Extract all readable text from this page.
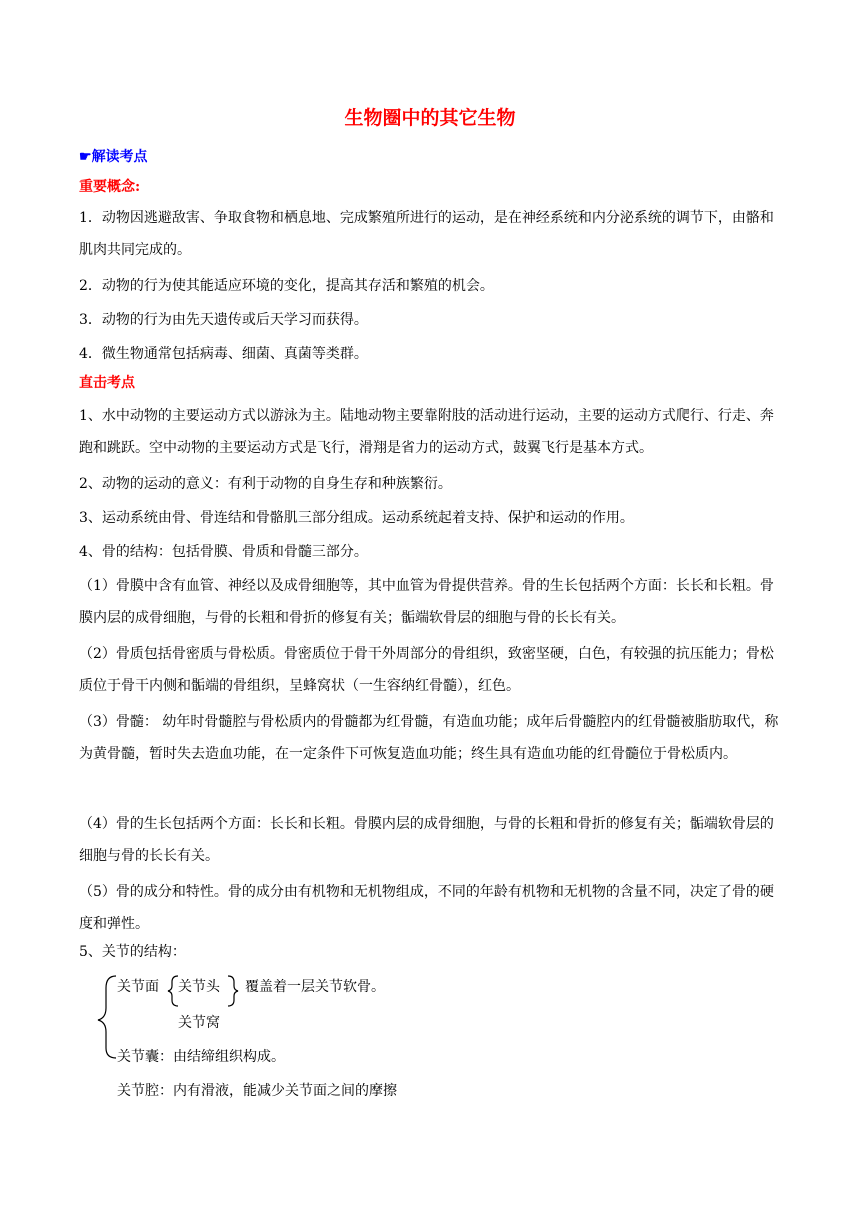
生物圈中的其它生物
☛解读考点
重要概念:

1．动物因逃避敌害、争取食物和栖息地、完成繁殖所进行的运动，是在神经系统和内分泌系统的调节下，由骼和肌肉共同完成的。

2．动物的行为使其能适应环境的变化，提高其存活和繁殖的机会。

3．动物的行为由先天遗传或后天学习而获得。

4．微生物通常包括病毒、细菌、真菌等类群。

直击考点

1、水中动物的主要运动方式以游泳为主。陆地动物主要靠附肢的活动进行运动，主要的运动方式爬行、行走、奔跑和跳跃。空中动物的主要运动方式是飞行，滑翔是省力的运动方式，鼓翼飞行是基本方式。

2、动物的运动的意义：有利于动物的自身生存和种族繁衍。

3、运动系统由骨、骨连结和骨骼肌三部分组成。运动系统起着支持、保护和运动的作用。

4、骨的结构：包括骨膜、骨质和骨髓三部分。

（1）骨膜中含有血管、神经以及成骨细胞等，其中血管为骨提供营养。骨的生长包括两个方面：长长和长粗。骨膜内层的成骨细胞，与骨的长粗和骨折的修复有关；骺端软骨层的细胞与骨的长长有关。

（2）骨质包括骨密质与骨松质。骨密质位于骨干外周部分的骨组织，致密坚硬，白色，有较强的抗压能力；骨松质位于骨干内侧和骺端的骨组织，呈蜂窝状（一生容纳红骨髓），红色。

（3）骨髓： 幼年时骨髓腔与骨松质内的骨髓都为红骨髓，有造血功能；成年后骨髓腔内的红骨髓被脂肪取代，称为黄骨髓，暂时失去造血功能，在一定条件下可恢复造血功能；终生具有造血功能的红骨髓位于骨松质内。

（4）骨的生长包括两个方面：长长和长粗。骨膜内层的成骨细胞，与骨的长粗和骨折的修复有关；骺端软骨层的细胞与骨的长长有关。

（5）骨的成分和特性。骨的成分由有机物和无机物组成，不同的年龄有机物和无机物的含量不同，决定了骨的硬度和弹性。

5、关节的结构：

关节面 关节头 覆盖着一层关节软骨。
关节窝
关节囊：由结缔组织构成。
关节腔：内有滑液，能减少关节面之间的摩擦
